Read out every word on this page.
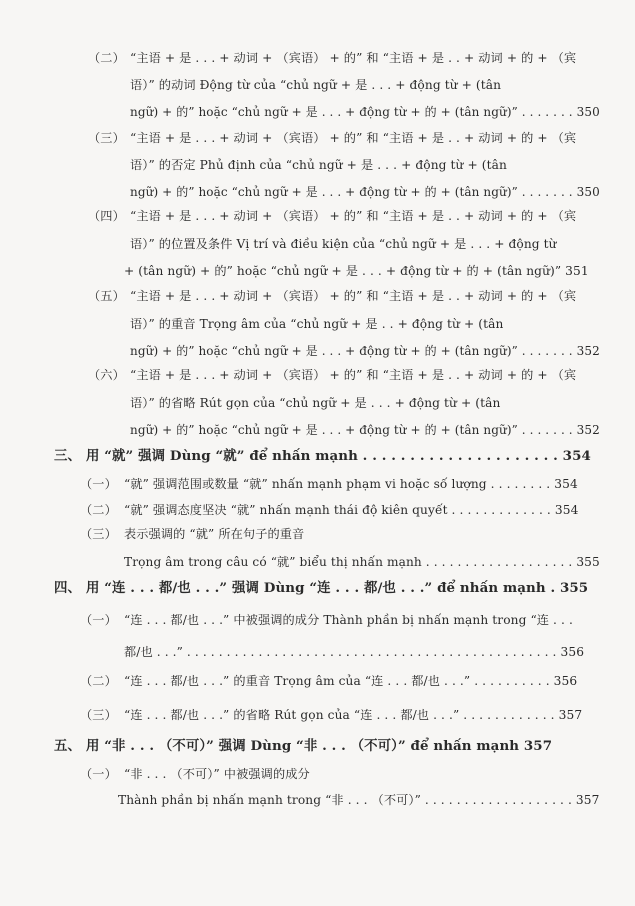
（二） “主语 + 是 . . . + 动词 + （宾语） + 的” 和 “主语 + 是 . . + 动词 + 的 + （宾
语）” 的动词 Động từ của “chủ ngữ + 是 . . . + động từ + (tân
ngữ) + 的” hoặc “chủ ngữ + 是 . . . + động từ + 的 + (tân ngữ)” . . . . . . . 350
（三） “主语 + 是 . . . + 动词 + （宾语） + 的” 和 “主语 + 是 . . + 动词 + 的 + （宾
语）” 的否定 Phủ định của “chủ ngữ + 是 . . . + động từ + (tân
ngữ) + 的” hoặc “chủ ngữ + 是 . . . + động từ + 的 + (tân ngữ)” . . . . . . . 350
（四） “主语 + 是 . . . + 动词 + （宾语） + 的” 和 “主语 + 是 . . + 动词 + 的 + （宾
语）” 的位置及条件 Vị trí và điều kiện của “chủ ngữ + 是 . . . + động từ
+ (tân ngữ) + 的” hoặc “chủ ngữ + 是 . . . + động từ + 的 + (tân ngữ)” 351
（五） “主语 + 是 . . . + 动词 + （宾语） + 的” 和 “主语 + 是 . . + 动词 + 的 + （宾
语）” 的重音 Trọng âm của “chủ ngữ + 是 . . + động từ + (tân
ngữ) + 的” hoặc “chủ ngữ + 是 . . . + động từ + 的 + (tân ngữ)” . . . . . . . 352
（六） “主语 + 是 . . . + 动词 + （宾语） + 的” 和 “主语 + 是 . . + 动词 + 的 + （宾
语）” 的省略 Rút gọn của “chủ ngữ + 是 . . . + động từ + (tân
ngữ) + 的” hoặc “chủ ngữ + 是 . . . + động từ + 的 + (tân ngữ)” . . . . . . . 352
三、 用 “就” 强调 Dùng “就” để nhấn mạnh . . . . . . . . . . . . . . . . . . . . . 354
（一） “就” 强调范围或数量 “就” nhấn mạnh phạm vi hoặc số lượng . . . . . . . . 354
（二） “就” 强调态度坚决 “就” nhấn mạnh thái độ kiên quyết . . . . . . . . . . . . . 354
（三） 表示强调的 “就” 所在句子的重音
Trọng âm trong câu có “就” biểu thị nhấn mạnh . . . . . . . . . . . . . . . . . . . 355
四、 用 “连 . . . 都/也 . . .” 强调 Dùng “连 . . . 都/也 . . .” để nhấn mạnh . 355
（一） “连 . . . 都/也 . . .” 中被强调的成分 Thành phần bị nhấn mạnh trong “连 . . .
都/也 . . .” . . . . . . . . . . . . . . . . . . . . . . . . . . . . . . . . . . . . . . . . . . . . . . . 356
（二） “连 . . . 都/也 . . .” 的重音 Trọng âm của “连 . . . 都/也 . . .” . . . . . . . . . . 356
（三） “连 . . . 都/也 . . .” 的省略 Rút gọn của “连 . . . 都/也 . . .” . . . . . . . . . . . . 357
五、 用 “非 . . . （不可）” 强调 Dùng “非 . . . （不可）” để nhấn mạnh 357
（一） “非 . . . （不可）” 中被强调的成分
Thành phần bị nhấn mạnh trong “非 . . . （不可）” . . . . . . . . . . . . . . . . . . . 357
